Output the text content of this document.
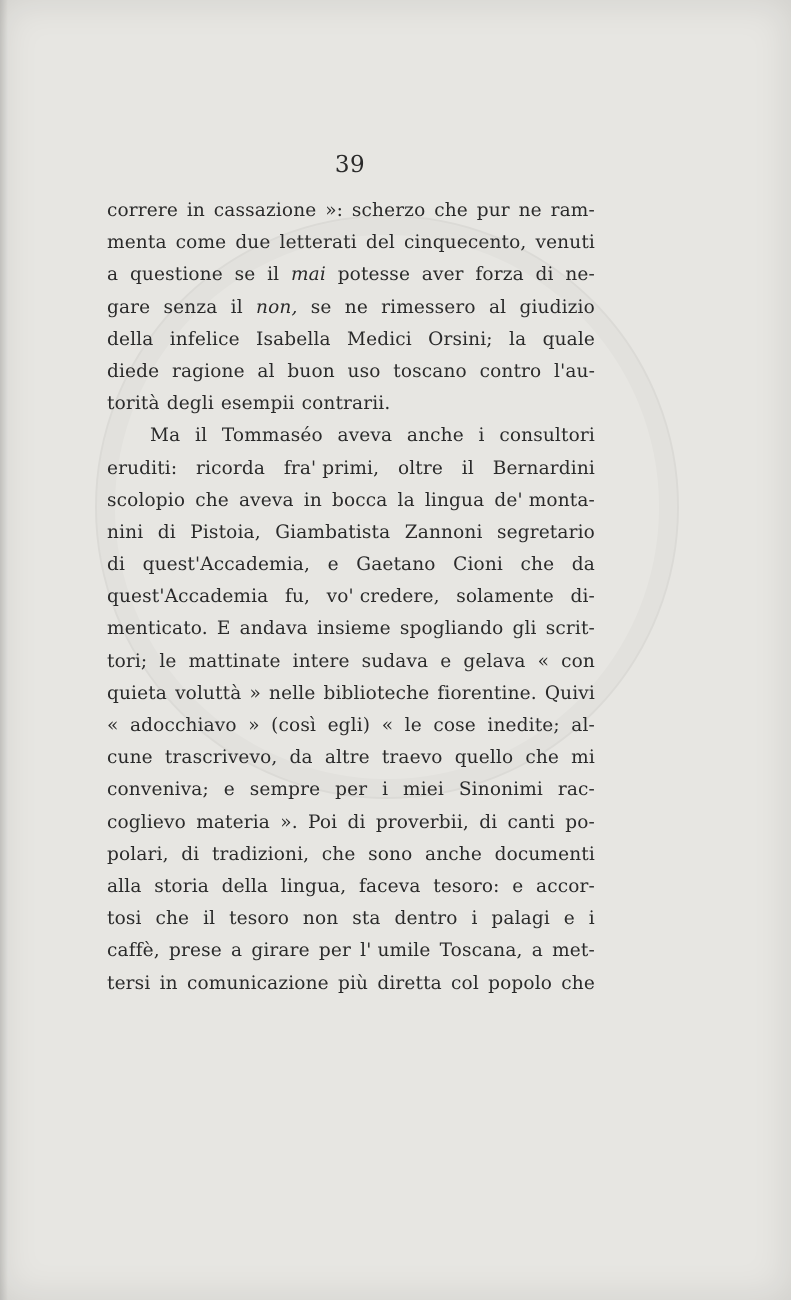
39
correre in cassazione »: scherzo che pur ne ram-
menta come due letterati del cinquecento, venuti
a questione se il mai potesse aver forza di ne-
gare senza il non, se ne rimessero al giudizio
della infelice Isabella Medici Orsini; la quale
diede ragione al buon uso toscano contro l'au-
torità degli esempii contrarii.
Ma il Tommaséo aveva anche i consultori
eruditi: ricorda fra' primi, oltre il Bernardini
scolopio che aveva in bocca la lingua de' monta-
nini di Pistoia, Giambatista Zannoni segretario
di quest'Accademia, e Gaetano Cioni che da
quest'Accademia fu, vo' credere, solamente di-
menticato. E andava insieme spogliando gli scrit-
tori; le mattinate intere sudava e gelava « con
quieta voluttà » nelle biblioteche fiorentine. Quivi
« adocchiavo » (così egli) « le cose inedite; al-
cune trascrivevo, da altre traevo quello che mi
conveniva; e sempre per i miei Sinonimi rac-
coglievo materia ». Poi di proverbii, di canti po-
polari, di tradizioni, che sono anche documenti
alla storia della lingua, faceva tesoro: e accor-
tosi che il tesoro non sta dentro i palagi e i
caffè, prese a girare per l' umile Toscana, a met-
tersi in comunicazione più diretta col popolo che
